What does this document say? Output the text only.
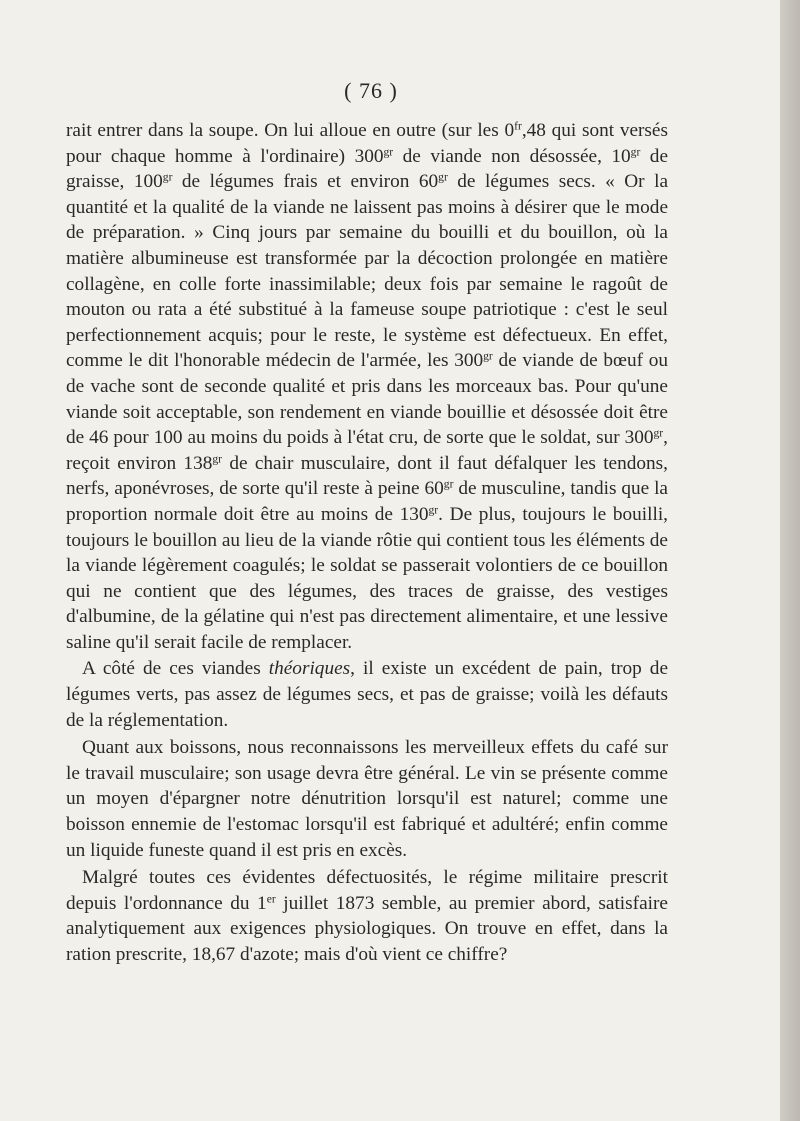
( 76 )

rait entrer dans la soupe. On lui alloue en outre (sur les $0^{fr},48$ qui sont versés pour chaque homme à l'ordinaire) $300^{gr}$ de viande non désossée, $10^{gr}$ de graisse, $100^{gr}$ de légumes frais et environ $60^{gr}$ de légumes secs. « Or la quantité et la qualité de la viande ne laissent pas moins à désirer que le mode de préparation. » Cinq jours par semaine du bouilli et du bouillon, où la matière albumineuse est transformée par la décoction prolongée en matière collagène, en colle forte inassimilable; deux fois par semaine le ragoût de mouton ou rata a été substitué à la fameuse soupe patriotique : c'est le seul perfectionnement acquis; pour le reste, le système est défectueux. En effet, comme le dit l'honorable médecin de l'armée, les $300^{gr}$ de viande de bœuf ou de vache sont de seconde qualité et pris dans les morceaux bas. Pour qu'une viande soit acceptable, son rendement en viande bouillie et désossée doit être de 46 pour 100 au moins du poids à l'état cru, de sorte que le soldat, sur $300^{gr}$, reçoit environ $138^{gr}$ de chair musculaire, dont il faut défalquer les tendons, nerfs, aponévroses, de sorte qu'il reste à peine $60^{gr}$ de musculine, tandis que la proportion normale doit être au moins de $130^{gr}$. De plus, toujours le bouilli, toujours le bouillon au lieu de la viande rôtie qui contient tous les éléments de la viande légèrement coagulés; le soldat se passerait volontiers de ce bouillon qui ne contient que des légumes, des traces de graisse, des vestiges d'albumine, de la gélatine qui n'est pas directement alimentaire, et une lessive saline qu'il serait facile de remplacer.

A côté de ces viandes théoriques, il existe un excédent de pain, trop de légumes verts, pas assez de légumes secs, et pas de graisse; voilà les défauts de la réglementation.

Quant aux boissons, nous reconnaissons les merveilleux effets du café sur le travail musculaire; son usage devra être général. Le vin se présente comme un moyen d'épargner notre dénutrition lorsqu'il est naturel; comme une boisson ennemie de l'estomac lorsqu'il est fabriqué et adultéré; enfin comme un liquide funeste quand il est pris en excès.

Malgré toutes ces évidentes défectuosités, le régime militaire prescrit depuis l'ordonnance du 1er juillet 1873 semble, au premier abord, satisfaire analytiquement aux exigences physiologiques. On trouve en effet, dans la ration prescrite, 18,67 d'azote; mais d'où vient ce chiffre?
